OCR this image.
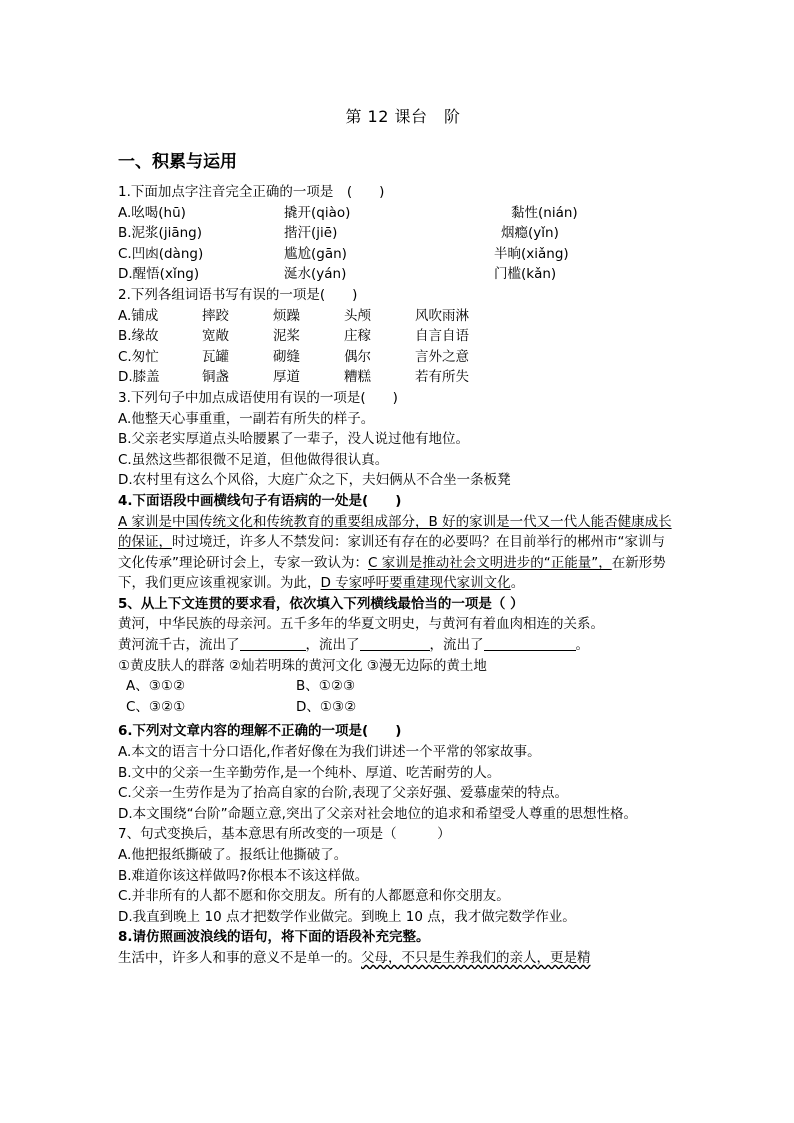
第 12 课台　阶
一、积累与运用
1.下面加点字注音完全正确的一项是　(　　)
A.吆喝(hū)	撬开(qiào)	黏性(nián)
B.泥浆(jiāng)	揩汗(jiē)	烟瘾(yǐn)
C.凹凼(dàng)	尴尬(gān)	半晌(xiǎng)
D.醒悟(xǐng)	涎水(yán)	门槛(kǎn)
2.下列各组词语书写有误的一项是(　　)
A.铺成	摔跤	烦躁	头颅	风吹雨淋
B.缘故	宽敞	泥桨	庄稼	自言自语
C.匆忙	瓦罐	砌缝	偶尔	言外之意
D.膝盖	铜盏	厚道	糟糕	若有所失
3.下列句子中加点成语使用有误的一项是(　　)
A.他整天心事重重，一副若有所失的样子。
B.父亲老实厚道点头哈腰累了一辈子，没人说过他有地位。
C.虽然这些都很微不足道，但他做得很认真。
D.农村里有这么个风俗，大庭广众之下，夫妇俩从不合坐一条板凳
4.下面语段中画横线句子有语病的一处是(　　)
A 家训是中国传统文化和传统教育的重要组成部分，B 好的家训是一代又一代人能否健康成长的保证，时过境迁，许多人不禁发问：家训还有存在的必要吗？在目前举行的郴州市“家训与文化传承”理论研讨会上，专家一致认为：C 家训是推动社会文明进步的“正能量”，在新形势下，我们更应该重视家训。为此，D 专家呼吁要重建现代家训文化。
5、从上下文连贯的要求看，依次填入下列横线最恰当的一项是（ ）
黄河，中华民族的母亲河。五千多年的华夏文明史，与黄河有着血肉相连的关系。
黄河流千古，流出了	，流出了	，流出了	。
①黄皮肤人的群落 ②灿若明珠的黄河文化 ③漫无边际的黄土地
A、③①②	B、①②③
C、③②①	D、①③②
6.下列对文章内容的理解不正确的一项是(　　)
A.本文的语言十分口语化,作者好像在为我们讲述一个平常的邻家故事。
B.文中的父亲一生辛勤劳作,是一个纯朴、厚道、吃苦耐劳的人。
C.父亲一生劳作是为了抬高自家的台阶,表现了父亲好强、爱慕虚荣的特点。
D.本文围绕“台阶”命题立意,突出了父亲对社会地位的追求和希望受人尊重的思想性格。
7、句式变换后，基本意思有所改变的一项是（　　　）
A.他把报纸撕破了。报纸让他撕破了。
B.难道你该这样做吗?你根本不该这样做。
C.并非所有的人都不愿和你交朋友。所有的人都愿意和你交朋友。
D.我直到晚上 10 点才把数学作业做完。到晚上 10 点，我才做完数学作业。
8.请仿照画波浪线的语句，将下面的语段补充完整。
生活中，许多人和事的意义不是单一的。父母，不只是生养我们的亲人，更是精
